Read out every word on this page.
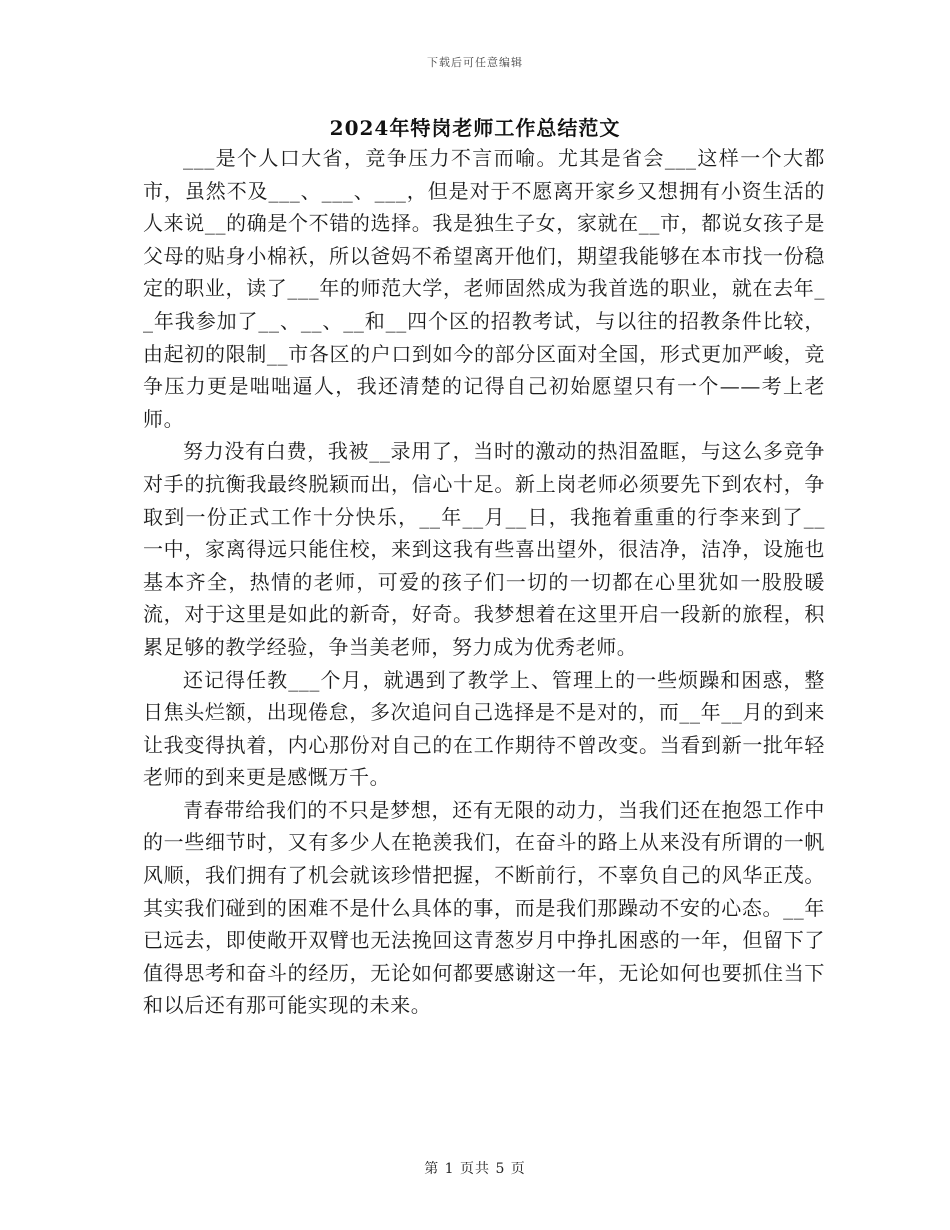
下载后可任意编辑
2024年特岗老师工作总结范文

___是个人口大省，竞争压力不言而喻。尤其是省会___这样一个大都市，虽然不及___、___、___，但是对于不愿离开家乡又想拥有小资生活的人来说__的确是个不错的选择。我是独生子女，家就在__市，都说女孩子是父母的贴身小棉袄，所以爸妈不希望离开他们，期望我能够在本市找一份稳定的职业，读了___年的师范大学，老师固然成为我首选的职业，就在去年__年我参加了__、__、__和__四个区的招教考试，与以往的招教条件比较，由起初的限制__市各区的户口到如今的部分区面对全国，形式更加严峻，竞争压力更是咄咄逼人，我还清楚的记得自己初始愿望只有一个——考上老师。

努力没有白费，我被__录用了，当时的激动的热泪盈眶，与这么多竞争对手的抗衡我最终脱颖而出，信心十足。新上岗老师必须要先下到农村，争取到一份正式工作十分快乐，__年__月__日，我拖着重重的行李来到了__一中，家离得远只能住校，来到这我有些喜出望外，很洁净，洁净，设施也基本齐全，热情的老师，可爱的孩子们一切的一切都在心里犹如一股股暖流，对于这里是如此的新奇，好奇。我梦想着在这里开启一段新的旅程，积累足够的教学经验，争当美老师，努力成为优秀老师。

还记得任教___个月，就遇到了教学上、管理上的一些烦躁和困惑，整日焦头烂额，出现倦怠，多次追问自己选择是不是对的，而__年__月的到来让我变得执着，内心那份对自己的在工作期待不曾改变。当看到新一批年轻老师的到来更是感慨万千。

青春带给我们的不只是梦想，还有无限的动力，当我们还在抱怨工作中的一些细节时，又有多少人在艳羡我们，在奋斗的路上从来没有所谓的一帆风顺，我们拥有了机会就该珍惜把握，不断前行，不辜负自己的风华正茂。其实我们碰到的困难不是什么具体的事，而是我们那躁动不安的心态。__年已远去，即使敞开双臂也无法挽回这青葱岁月中挣扎困惑的一年，但留下了值得思考和奋斗的经历，无论如何都要感谢这一年，无论如何也要抓住当下和以后还有那可能实现的未来。

第 1 页共 5 页
